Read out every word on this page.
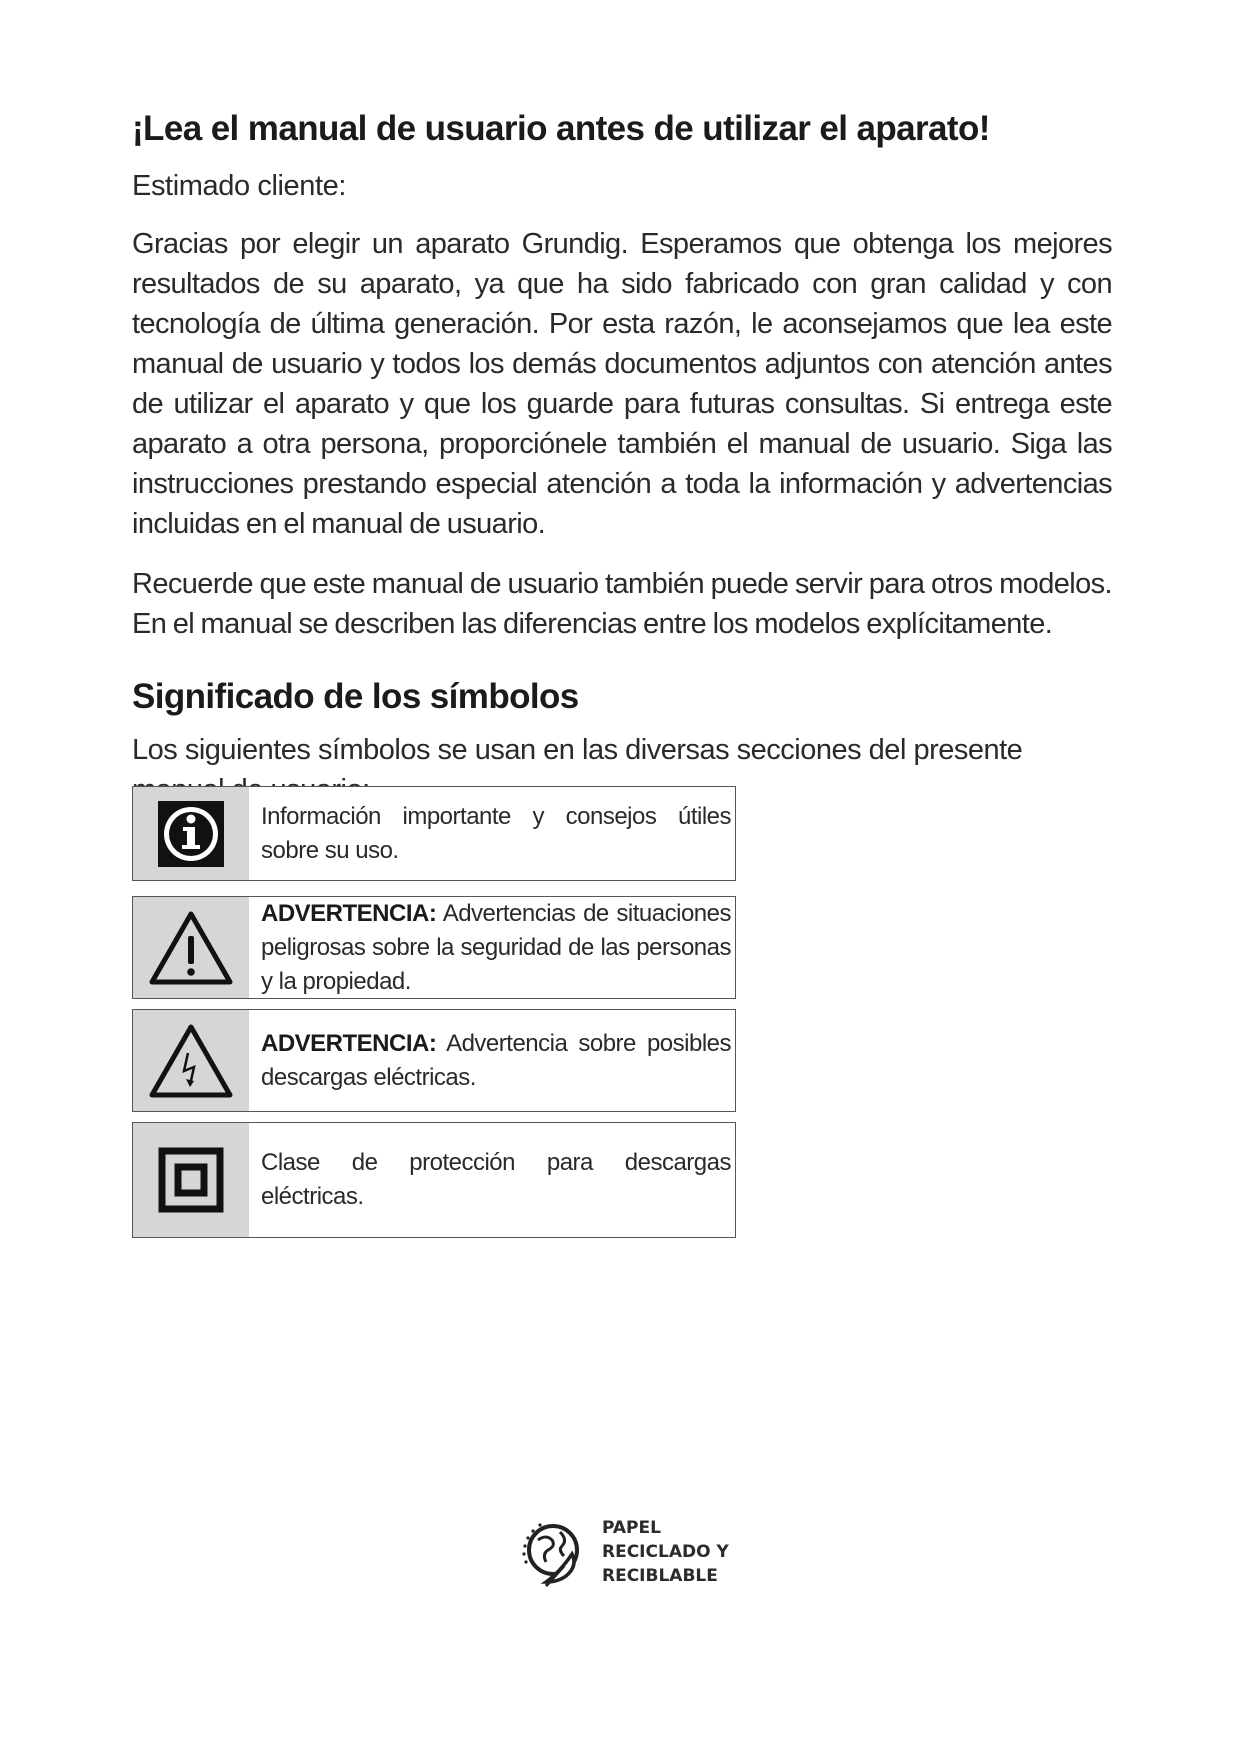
¡Lea el manual de usuario antes de utilizar el aparato!

Estimado cliente:

Gracias por elegir un aparato Grundig. Esperamos que obtenga los mejores resultados de su aparato, ya que ha sido fabricado con gran calidad y con tecnología de última generación. Por esta razón, le aconsejamos que lea este manual de usuario y todos los demás documentos adjuntos con atención antes de utilizar el aparato y que los guarde para futuras consultas. Si entrega este aparato a otra persona, proporciónele también el manual de usuario. Siga las instrucciones prestando especial atención a toda la información y advertencias incluidas en el manual de usuario.

Recuerde que este manual de usuario también puede servir para otros modelos. En el manual se describen las diferencias entre los modelos explícitamente.

Significado de los símbolos

Los siguientes símbolos se usan en las diversas secciones del presente

Información importante y consejos útiles sobre su uso.

ADVERTENCIA: Advertencias de situaciones peligrosas sobre la seguridad de las personas y la propiedad.

ADVERTENCIA: Advertencia sobre posibles descargas eléctricas.

Clase de protección para descargas eléctricas.

PAPEL
RECICLADO Y
RECIBLABLE
